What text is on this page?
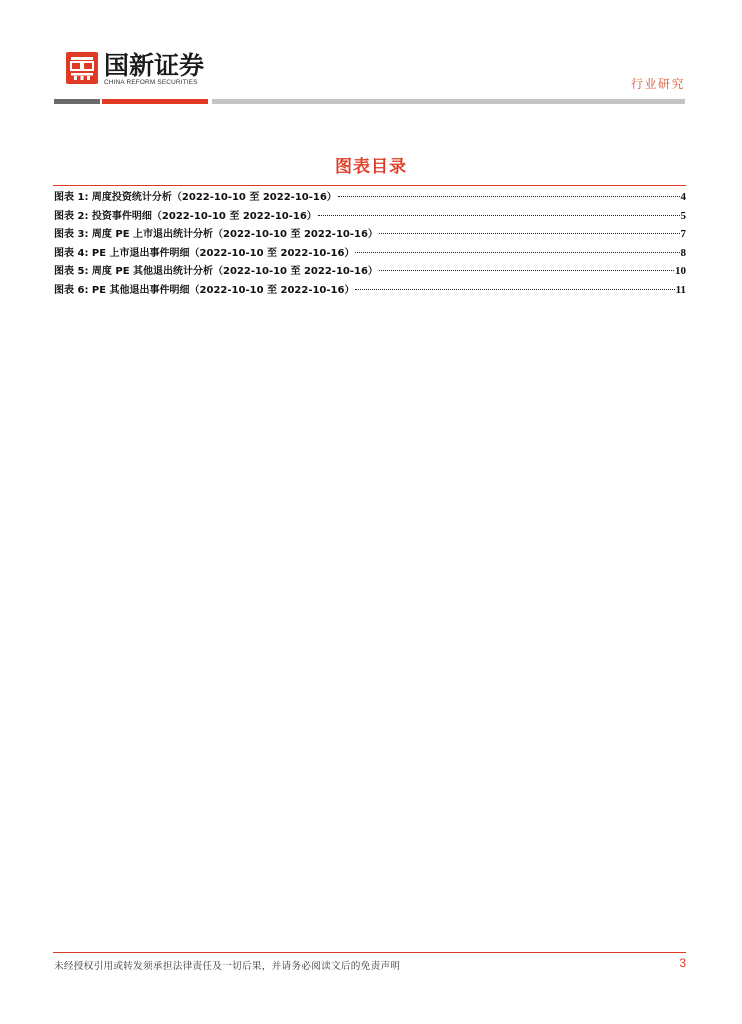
国新证券
CHINA REFORM SECURITIES	行业研究
图表目录
图表 1: 周度投资统计分析（2022-10-10 至 2022-10-16）	4
图表 2: 投资事件明细（2022-10-10 至 2022-10-16）	5
图表 3: 周度 PE 上市退出统计分析（2022-10-10 至 2022-10-16）	7
图表 4: PE 上市退出事件明细（2022-10-10 至 2022-10-16）	8
图表 5: 周度 PE 其他退出统计分析（2022-10-10 至 2022-10-16）	10
图表 6: PE 其他退出事件明细（2022-10-10 至 2022-10-16）	11
未经授权引用或转发须承担法律责任及一切后果，并请务必阅读文后的免责声明	3
